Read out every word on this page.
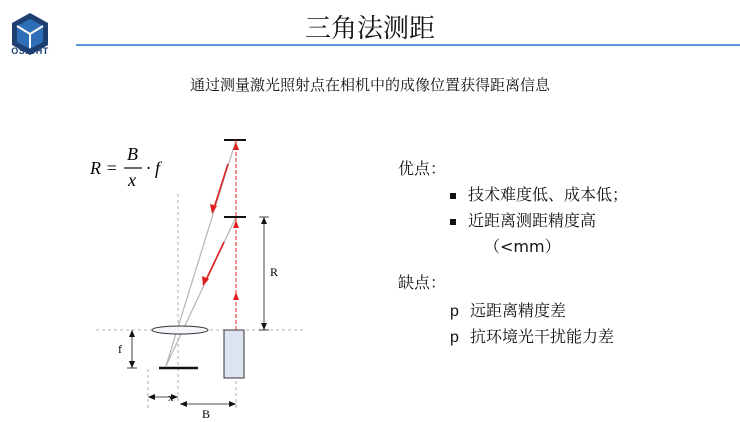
OSIGHT
三角法测距
通过测量激光照射点在相机中的成像位置获得距离信息
R =
B
x
· f
R
f
x
B
优点：
技术难度低、成本低；
近距离测距精度高
（<mm）
缺点：
p 远距离精度差
p 抗环境光干扰能力差
